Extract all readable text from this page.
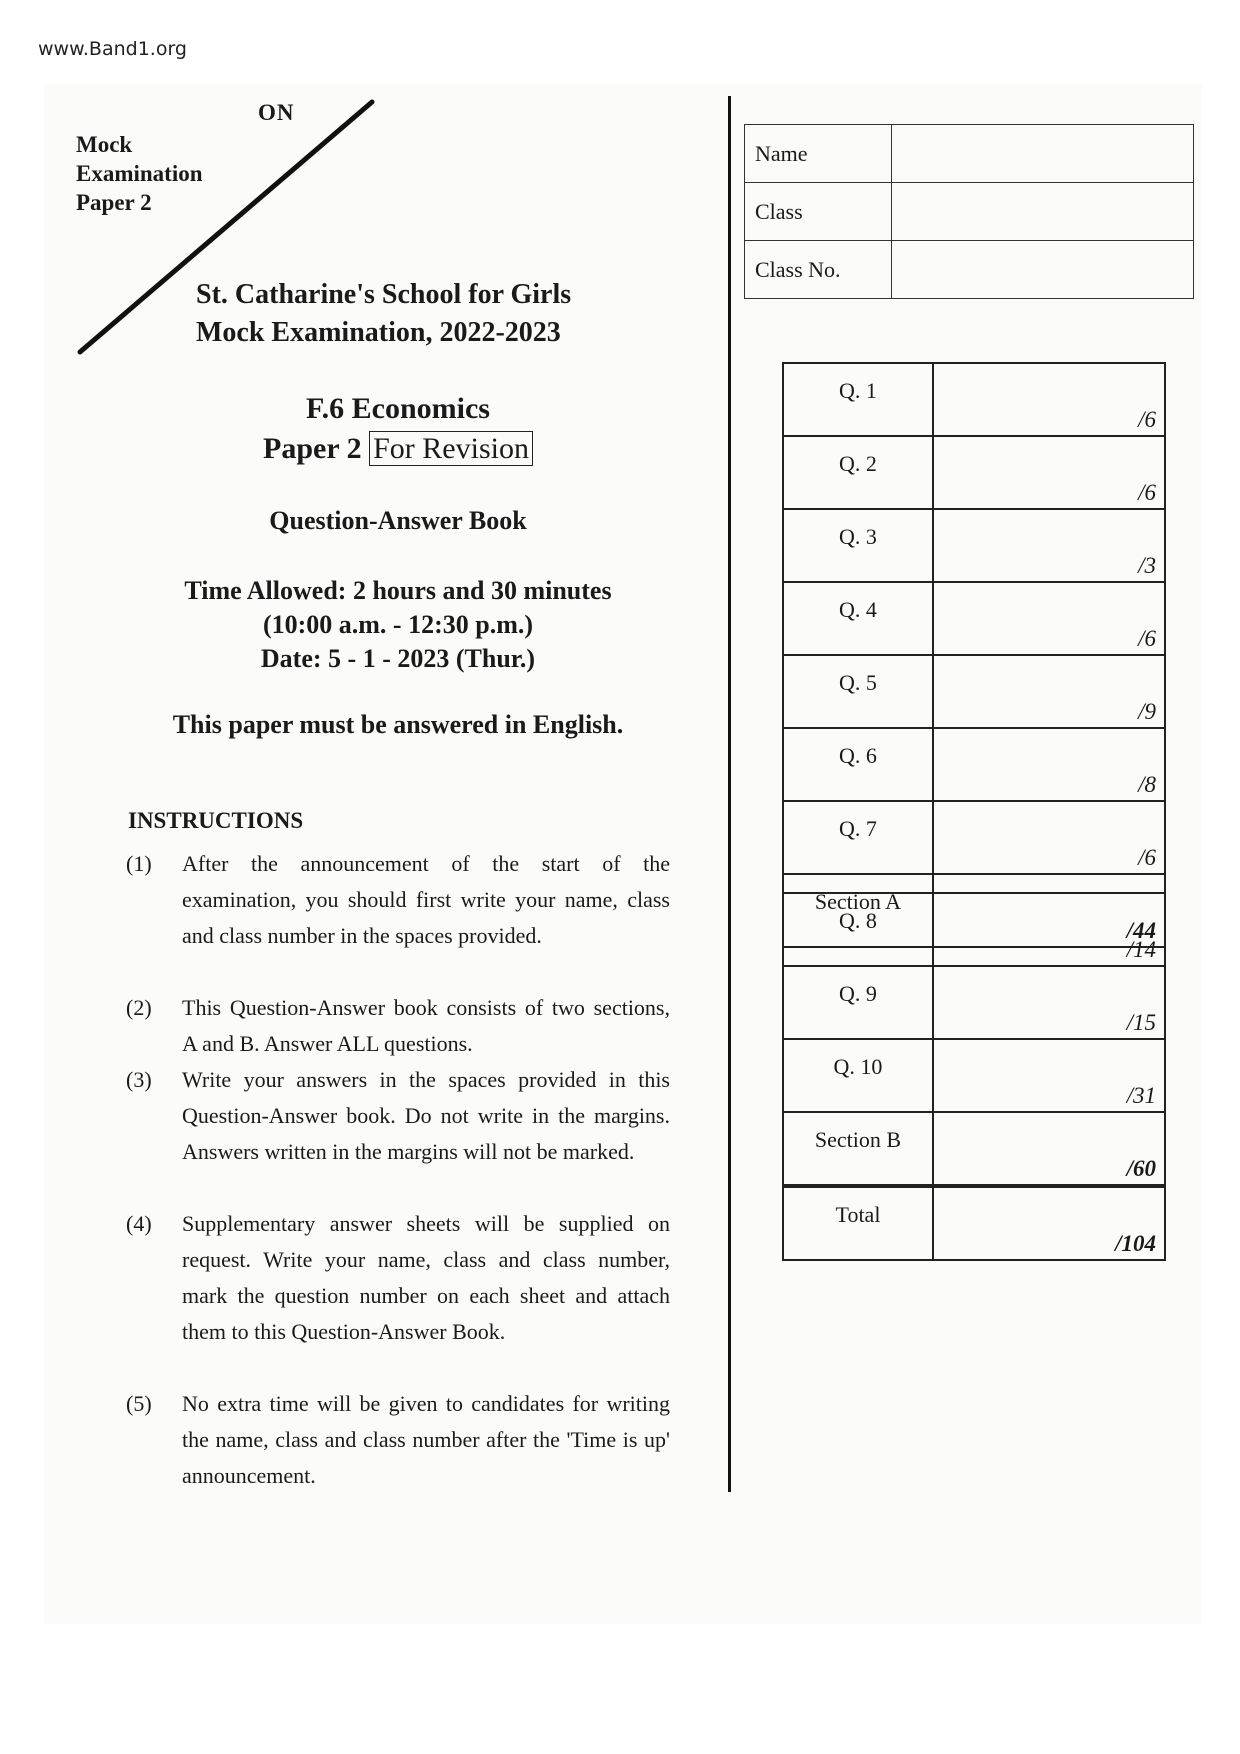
www.Band1.org
ON
Mock
Examination
Paper 2
St. Catharine's School for Girls
Mock Examination, 2022-2023
F.6 Economics
Paper 2 For Revision
Question-Answer Book
Time Allowed: 2 hours and 30 minutes
(10:00 a.m. - 12:30 p.m.)
Date: 5 - 1 - 2023 (Thur.)
This paper must be answered in English.
INSTRUCTIONS
(1) After the announcement of the start of the examination, you should first write your name, class and class number in the spaces provided.
(2) This Question-Answer book consists of two sections, A and B. Answer ALL questions.
(3) Write your answers in the spaces provided in this Question-Answer book. Do not write in the margins. Answers written in the margins will not be marked.
(4) Supplementary answer sheets will be supplied on request. Write your name, class and class number, mark the question number on each sheet and attach them to this Question-Answer Book.
(5) No extra time will be given to candidates for writing the name, class and class number after the 'Time is up' announcement.
Name	
Class	
Class No.	
Q. 1	/6
Q. 2	/6
Q. 3	/3
Q. 4	/6
Q. 5	/9
Q. 6	/8
Q. 7	/6
Section A	/44
Q. 8	/14
Q. 9	/15
Q. 10	/31
Section B	/60
Total	/104
